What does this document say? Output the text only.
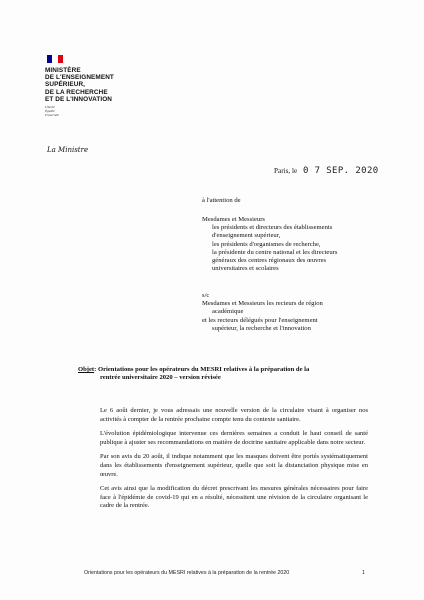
MINISTÈRE
DE L'ENSEIGNEMENT
SUPÉRIEUR,
DE LA RECHERCHE
ET DE L'INNOVATION
Liberté
Égalité
Fraternité
La Ministre
Paris, le 0 7 SEP. 2020
à l'attention de
Mesdames et Messieurs
les présidents et directeurs des établissements
d'enseignement supérieur,
les présidents d'organismes de recherche,
la présidente du centre national et les directeurs
généraux des centres régionaux des œuvres
universitaires et scolaires
s/c
Mesdames et Messieurs les recteurs de région
académique
et les recteurs délégués pour l'enseignement
supérieur, la recherche et l'innovation
Objet: Orientations pour les opérateurs du MESRI relatives à la préparation de la
rentrée universitaire 2020 – version révisée

Le 6 août dernier, je vous adressais une nouvelle version de la circulaire visant à organiser nos activités à compter de la rentrée prochaine compte tenu du contexte sanitaire.

L'évolution épidémiologique intervenue ces dernières semaines a conduit le haut conseil de santé publique à ajuster ses recommandations en matière de doctrine sanitaire applicable dans notre secteur.

Par son avis du 20 août, il indique notamment que les masques doivent être portés systématiquement dans les établissements d'enseignement supérieur, quelle que soit la distanciation physique mise en œuvre.

Cet avis ainsi que la modification du décret prescrivant les mesures générales nécessaires pour faire face à l'épidémie de covid-19 qui en a résulté, nécessitent une révision de la circulaire organisant le cadre de la rentrée.

Orientations pour les opérateurs du MESRI relatives à la préparation de la rentrée 2020	1
